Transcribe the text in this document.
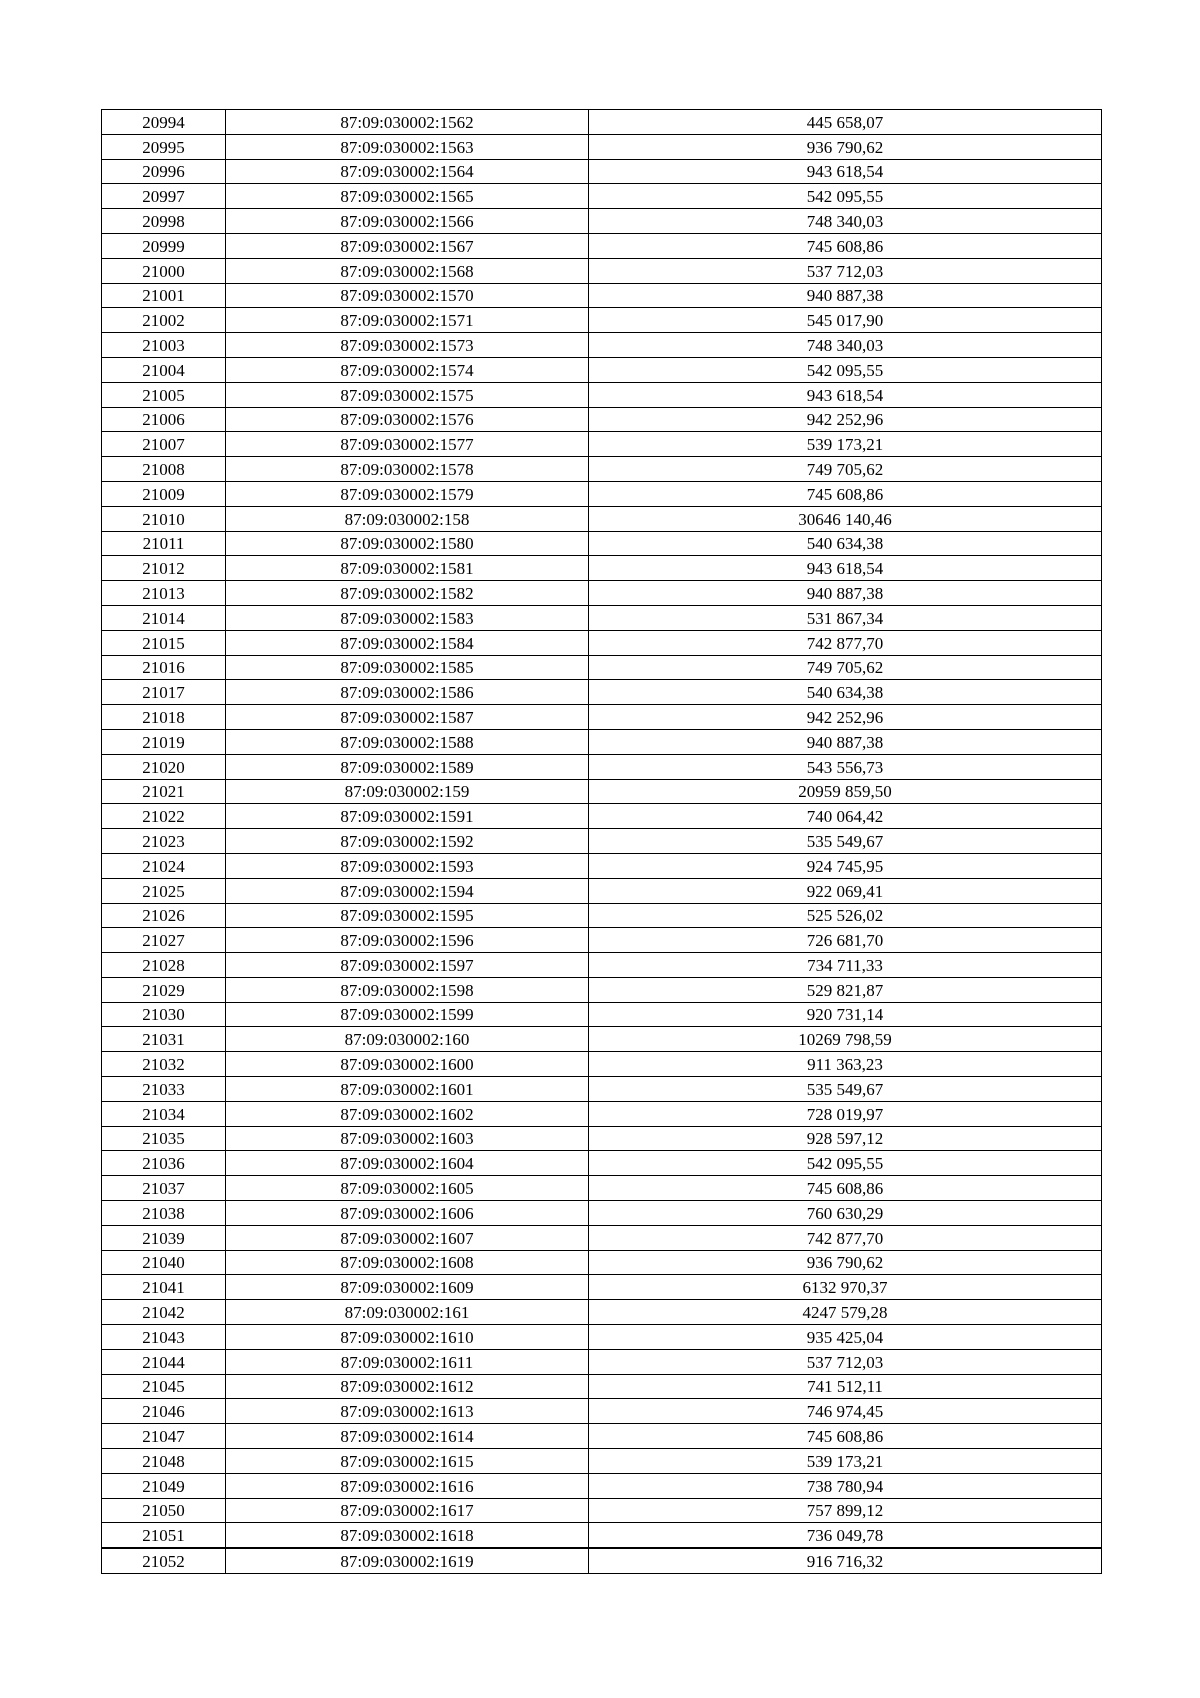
20994	87:09:030002:1562	445 658,07
20995	87:09:030002:1563	936 790,62
20996	87:09:030002:1564	943 618,54
20997	87:09:030002:1565	542 095,55
20998	87:09:030002:1566	748 340,03
20999	87:09:030002:1567	745 608,86
21000	87:09:030002:1568	537 712,03
21001	87:09:030002:1570	940 887,38
21002	87:09:030002:1571	545 017,90
21003	87:09:030002:1573	748 340,03
21004	87:09:030002:1574	542 095,55
21005	87:09:030002:1575	943 618,54
21006	87:09:030002:1576	942 252,96
21007	87:09:030002:1577	539 173,21
21008	87:09:030002:1578	749 705,62
21009	87:09:030002:1579	745 608,86
21010	87:09:030002:158	30646 140,46
21011	87:09:030002:1580	540 634,38
21012	87:09:030002:1581	943 618,54
21013	87:09:030002:1582	940 887,38
21014	87:09:030002:1583	531 867,34
21015	87:09:030002:1584	742 877,70
21016	87:09:030002:1585	749 705,62
21017	87:09:030002:1586	540 634,38
21018	87:09:030002:1587	942 252,96
21019	87:09:030002:1588	940 887,38
21020	87:09:030002:1589	543 556,73
21021	87:09:030002:159	20959 859,50
21022	87:09:030002:1591	740 064,42
21023	87:09:030002:1592	535 549,67
21024	87:09:030002:1593	924 745,95
21025	87:09:030002:1594	922 069,41
21026	87:09:030002:1595	525 526,02
21027	87:09:030002:1596	726 681,70
21028	87:09:030002:1597	734 711,33
21029	87:09:030002:1598	529 821,87
21030	87:09:030002:1599	920 731,14
21031	87:09:030002:160	10269 798,59
21032	87:09:030002:1600	911 363,23
21033	87:09:030002:1601	535 549,67
21034	87:09:030002:1602	728 019,97
21035	87:09:030002:1603	928 597,12
21036	87:09:030002:1604	542 095,55
21037	87:09:030002:1605	745 608,86
21038	87:09:030002:1606	760 630,29
21039	87:09:030002:1607	742 877,70
21040	87:09:030002:1608	936 790,62
21041	87:09:030002:1609	6132 970,37
21042	87:09:030002:161	4247 579,28
21043	87:09:030002:1610	935 425,04
21044	87:09:030002:1611	537 712,03
21045	87:09:030002:1612	741 512,11
21046	87:09:030002:1613	746 974,45
21047	87:09:030002:1614	745 608,86
21048	87:09:030002:1615	539 173,21
21049	87:09:030002:1616	738 780,94
21050	87:09:030002:1617	757 899,12
21051	87:09:030002:1618	736 049,78
21052	87:09:030002:1619	916 716,32
